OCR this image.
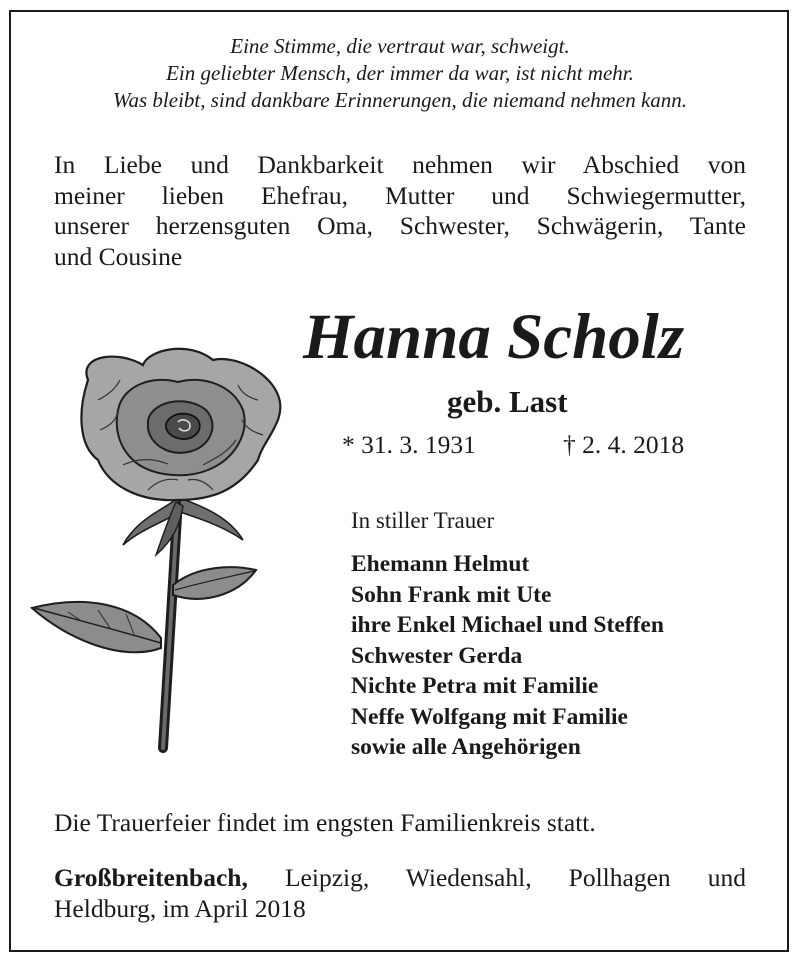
Eine Stimme, die vertraut war, schweigt.
Ein geliebter Mensch, der immer da war, ist nicht mehr.
Was bleibt, sind dankbare Erinnerungen, die niemand nehmen kann.
In Liebe und Dankbarkeit nehmen wir Abschied von
meiner lieben Ehefrau, Mutter und Schwiegermutter,
unserer herzensguten Oma, Schwester, Schwägerin, Tante
und Cousine
Hanna Scholz
geb. Last
* 31. 3. 1931	† 2. 4. 2018
In stiller Trauer
Ehemann Helmut
Sohn Frank mit Ute
ihre Enkel Michael und Steffen
Schwester Gerda
Nichte Petra mit Familie
Neffe Wolfgang mit Familie
sowie alle Angehörigen
Die Trauerfeier findet im engsten Familienkreis statt.
Großbreitenbach, Leipzig, Wiedensahl, Pollhagen und
Heldburg, im April 2018
